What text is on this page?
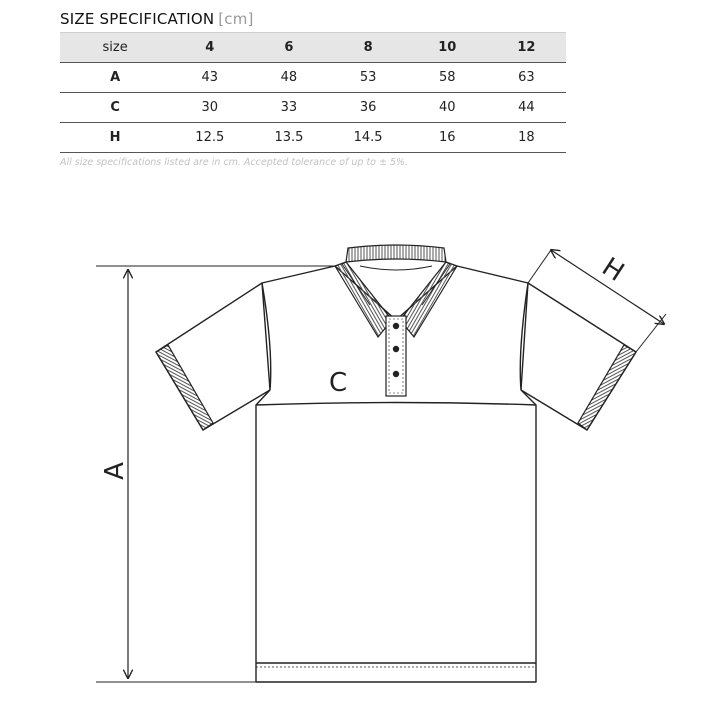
SIZE SPECIFICATION [cm]
size	4	6	8	10	12
A	43	48	53	58	63
C	30	33	36	40	44
H	12.5	13.5	14.5	16	18
All size specifications listed are in cm. Accepted tolerance of up to ± 5%.
A
C
H
